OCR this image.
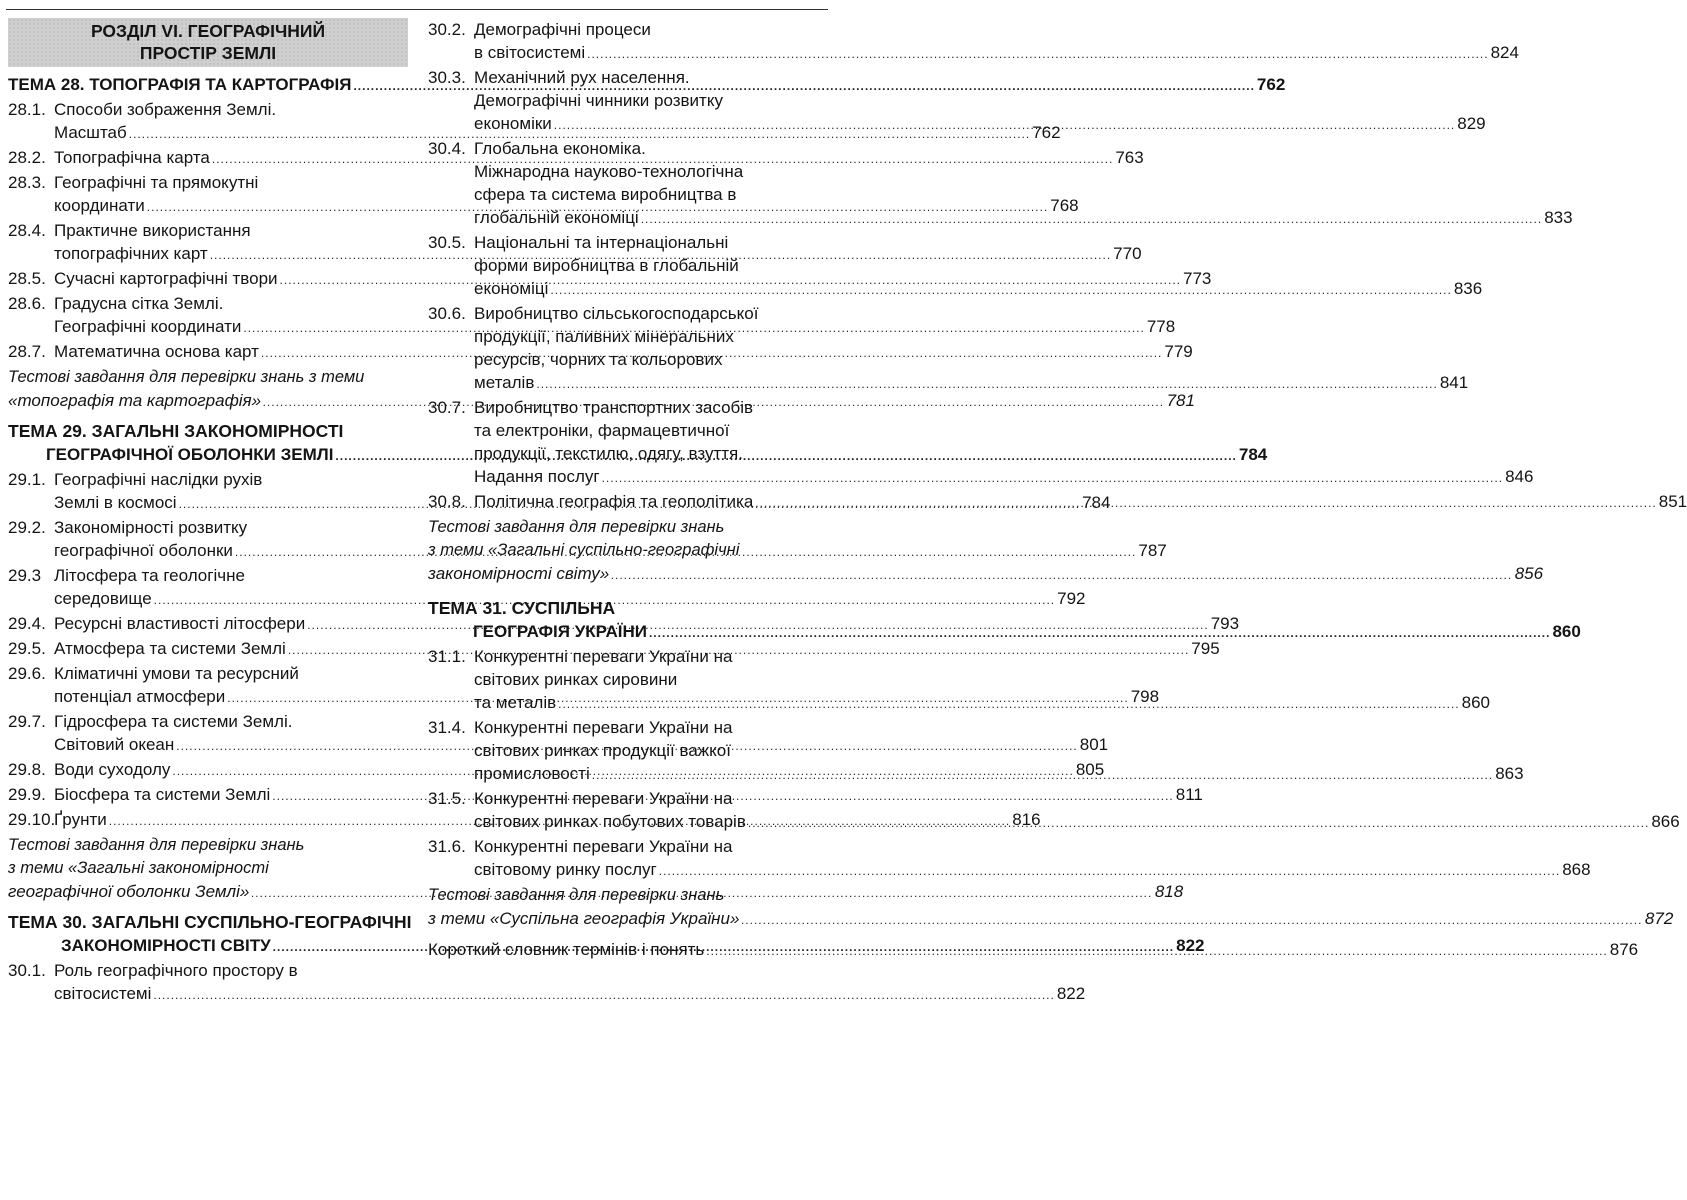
РОЗДІЛ VI. ГЕОГРАФІЧНИЙ
ПРОСТІР ЗЕМЛІ
ТЕМА 28. ТОПОГРАФІЯ ТА КАРТОГРАФІЯ .....	762
28.1. Способи зображення Землі.
Масштаб .....	762
28.2. Топографічна карта .....	763
28.3. Географічні та прямокутні
координати .....	768
28.4. Практичне використання
топографічних карт .....	770
28.5. Сучасні картографічні твори .....	773
28.6. Градусна сітка Землі.
Географічні координати .....	778
28.7. Математична основа карт .....	779
Тестові завдання для перевірки знань з теми
«топографія та картографія» .....	781
ТЕМА 29. ЗАГАЛЬНІ ЗАКОНОМІРНОСТІ
ГЕОГРАФІЧНОЇ ОБОЛОНКИ ЗЕМЛІ .....	784
29.1. Географічні наслідки рухів
Землі в космосі .....	784
29.2. Закономірності розвитку
географічної оболонки .....	787
29.3 Літосфера та геологічне
середовище .....	792
29.4. Ресурсні властивості літосфери .....	793
29.5. Атмосфера та системи Землі .....	795
29.6. Кліматичні умови та ресурсний
потенціал атмосфери .....	798
29.7. Гідросфера та системи Землі.
Світовий океан .....	801
29.8. Води суходолу .....	805
29.9. Біосфера та системи Землі .....	811
29.10.
Ґрунти .....	816
Тестові завдання для перевірки знань
з теми «Загальні закономірності
географічної оболонки Землі» .....	818
ТЕМА 30. ЗАГАЛЬНІ СУСПІЛЬНО-ГЕОГРАФІЧНІ
ЗАКОНОМІРНОСТІ СВІТУ .....	822
30.1. Роль географічного простору в
світосистемі .....	822
30.2. Демографічні процеси
в світосистемі .....	824
30.3. Механічний рух населення.
Демографічні чинники розвитку
економіки .....	829
30.4. Глобальна економіка.
Міжнародна науково-технологічна
сфера та система виробництва в
глобальній економіці .....	833
30.5. Національні та інтернаціональні
форми виробництва в глобальній
економіці .....	836
30.6. Виробництво сільськогосподарської
продукції, паливних мінеральних
ресурсів, чорних та кольорових
металів .....	841
30.7. Виробництво транспортних засобів
та електроніки, фармацевтичної
продукції, текстилю, одягу, взуття.
Надання послуг .....	846
30.8. Політична географія та геополітика .....	851
Тестові завдання для перевірки знань
з теми «Загальні суспільно-географічні
закономірності світу» .....	856
ТЕМА 31. СУСПІЛЬНА
ГЕОГРАФІЯ УКРАЇНИ .....	860
31.1. Конкурентні переваги України на
світових ринках сировини
та металів .....	860
31.4. Конкурентні переваги України на
світових ринках продукції важкої
промисловості .....	863
31.5. Конкурентні переваги України на
світових ринках побутових товарів .....	866
31.6. Конкурентні переваги України на
світовому ринку послуг .....	868
Тестові завдання для перевірки знань
з теми «Суспільна географія України» .....	872
Короткий словник термінів і понять .....	876
